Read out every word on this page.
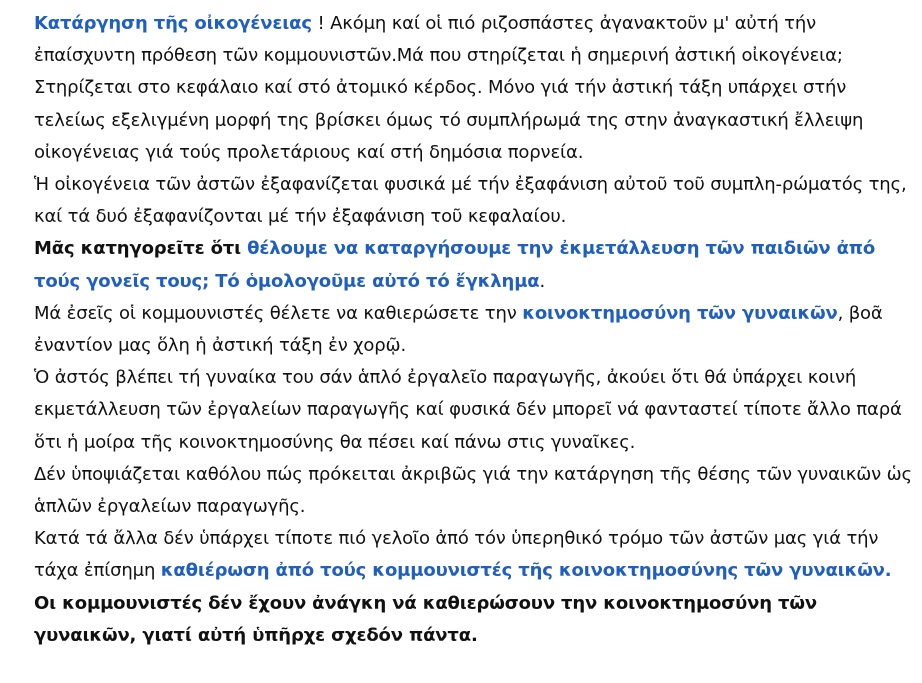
Κατάργηση τῆς οἰκογένειας ! Ακόμη καί οἱ πιό ριζοσπάστες ἀγανακτοῦν μ' αὐτή τήν ἐπαίσχυντη πρόθεση τῶν κομμουνιστῶν.Μά που στηρίζεται ἡ σημερινή ἀστική οἰκογένεια; Στηρίζεται στο κεφάλαιο καί στό ἀτομικό κέρδος. Μόνο γιά τήν ἀστική τάξη υπάρχει στήν τελείως εξελιγμένη μορφή της βρίσκει όμως τό συμπλήρωμά της στην ἀναγκαστική ἔλλειψη οἰκογένειας γιά τούς προλετάριους καί στή δημόσια πορνεία.

Ἡ οἰκογένεια τῶν ἀστῶν ἐξαφανίζεται φυσικά μέ τήν ἐξαφάνιση αὐτοῦ τοῦ συμπλη-ρώματός της, καί τά δυό ἐξαφανίζονται μέ τήν ἐξαφάνιση τοῦ κεφαλαίου.

Μᾶς κατηγορεῖτε ὅτι θέλουμε να καταργήσουμε την ἐκμετάλλευση τῶν παιδιῶν ἀπό τούς γονεῖς τους; Τό ὁμολογοῦμε αὐτό τό ἔγκλημα.

Μά ἐσεῖς οἱ κομμουνιστές θέλετε να καθιερώσετε την κοινοκτημοσύνη τῶν γυναικῶν, βοᾶ ἐναντίον μας ὅλη ἡ ἀστική τάξη ἐν χορῷ.

Ὁ ἀστός βλέπει τή γυναίκα του σάν ἁπλό ἐργαλεῖο παραγωγῆς, ἀκούει ὅτι θά ὑπάρχει κοινή εκμετάλλευση τῶν ἐργαλείων παραγωγῆς καί φυσικά δέν μπορεῖ νά φανταστεί τίποτε ἄλλο παρά ὅτι ἡ μοίρα τῆς κοινοκτημοσύνης θα πέσει καί πάνω στις γυναῖκες.

Δέν ὑποψιάζεται καθόλου πώς πρόκειται ἀκριβῶς γιά την κατάργηση τῆς θέσης τῶν γυναικῶν ὡς ἁπλῶν ἐργαλείων παραγωγῆς.

Κατά τά ἄλλα δέν ὑπάρχει τίποτε πιό γελοῖο ἀπό τόν ὑπερηθικό τρόμο τῶν ἀστῶν μας γιά τήν τάχα ἐπίσημη καθιέρωση ἀπό τούς κομμουνιστές τῆς κοινοκτημοσύνης τῶν γυναικῶν. Οι κομμουνιστές δέν ἔχουν ἀνάγκη νά καθιερώσουν την κοινοκτημοσύνη τῶν γυναικῶν, γιατί αὐτή ὑπῆρχε σχεδόν πάντα.
